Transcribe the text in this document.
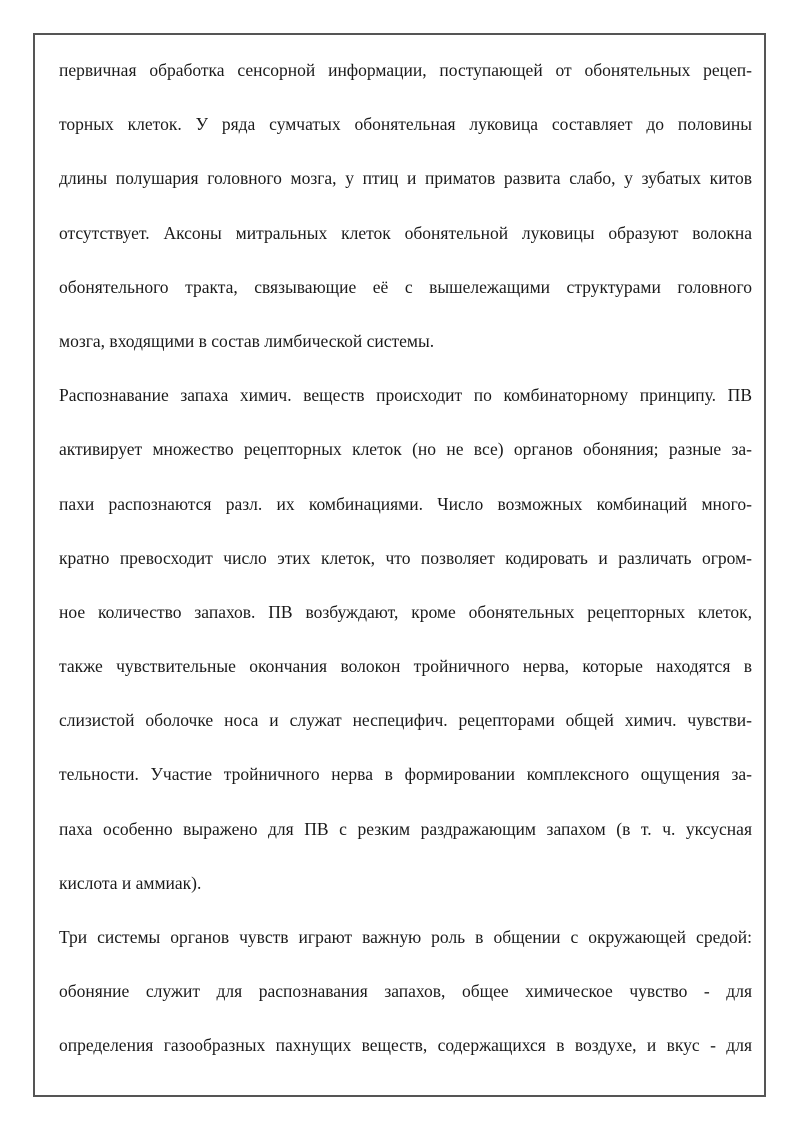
первичная обработка сенсорной информации, поступающей от обонятельных рецеп-
торных клеток. У ряда сумчатых обонятельная луковица составляет до половины
длины полушария головного мозга, у птиц и приматов развита слабо, у зубатых китов
отсутствует. Аксоны митральных клеток обонятельной луковицы образуют волокна
обонятельного тракта, связывающие её с вышележащими структурами головного
мозга, входящими в состав лимбической системы.
Распознавание запаха химич. веществ происходит по комбинаторному принципу. ПВ
активирует множество рецепторных клеток (но не все) органов обоняния; разные за-
пахи распознаются разл. их комбинациями. Число возможных комбинаций много-
кратно превосходит число этих клеток, что позволяет кодировать и различать огром-
ное количество запахов. ПВ возбуждают, кроме обонятельных рецепторных клеток,
также чувствительные окончания волокон тройничного нерва, которые находятся в
слизистой оболочке носа и служат неспецифич. рецепторами общей химич. чувстви-
тельности. Участие тройничного нерва в формировании комплексного ощущения за-
паха особенно выражено для ПВ с резким раздражающим запахом (в т. ч. уксусная
кислота и аммиак).
Три системы органов чувств играют важную роль в общении с окружающей средой:
обоняние служит для распознавания запахов, общее химическое чувство - для
определения газообразных пахнущих веществ, содержащихся в воздухе, и вкус - для
